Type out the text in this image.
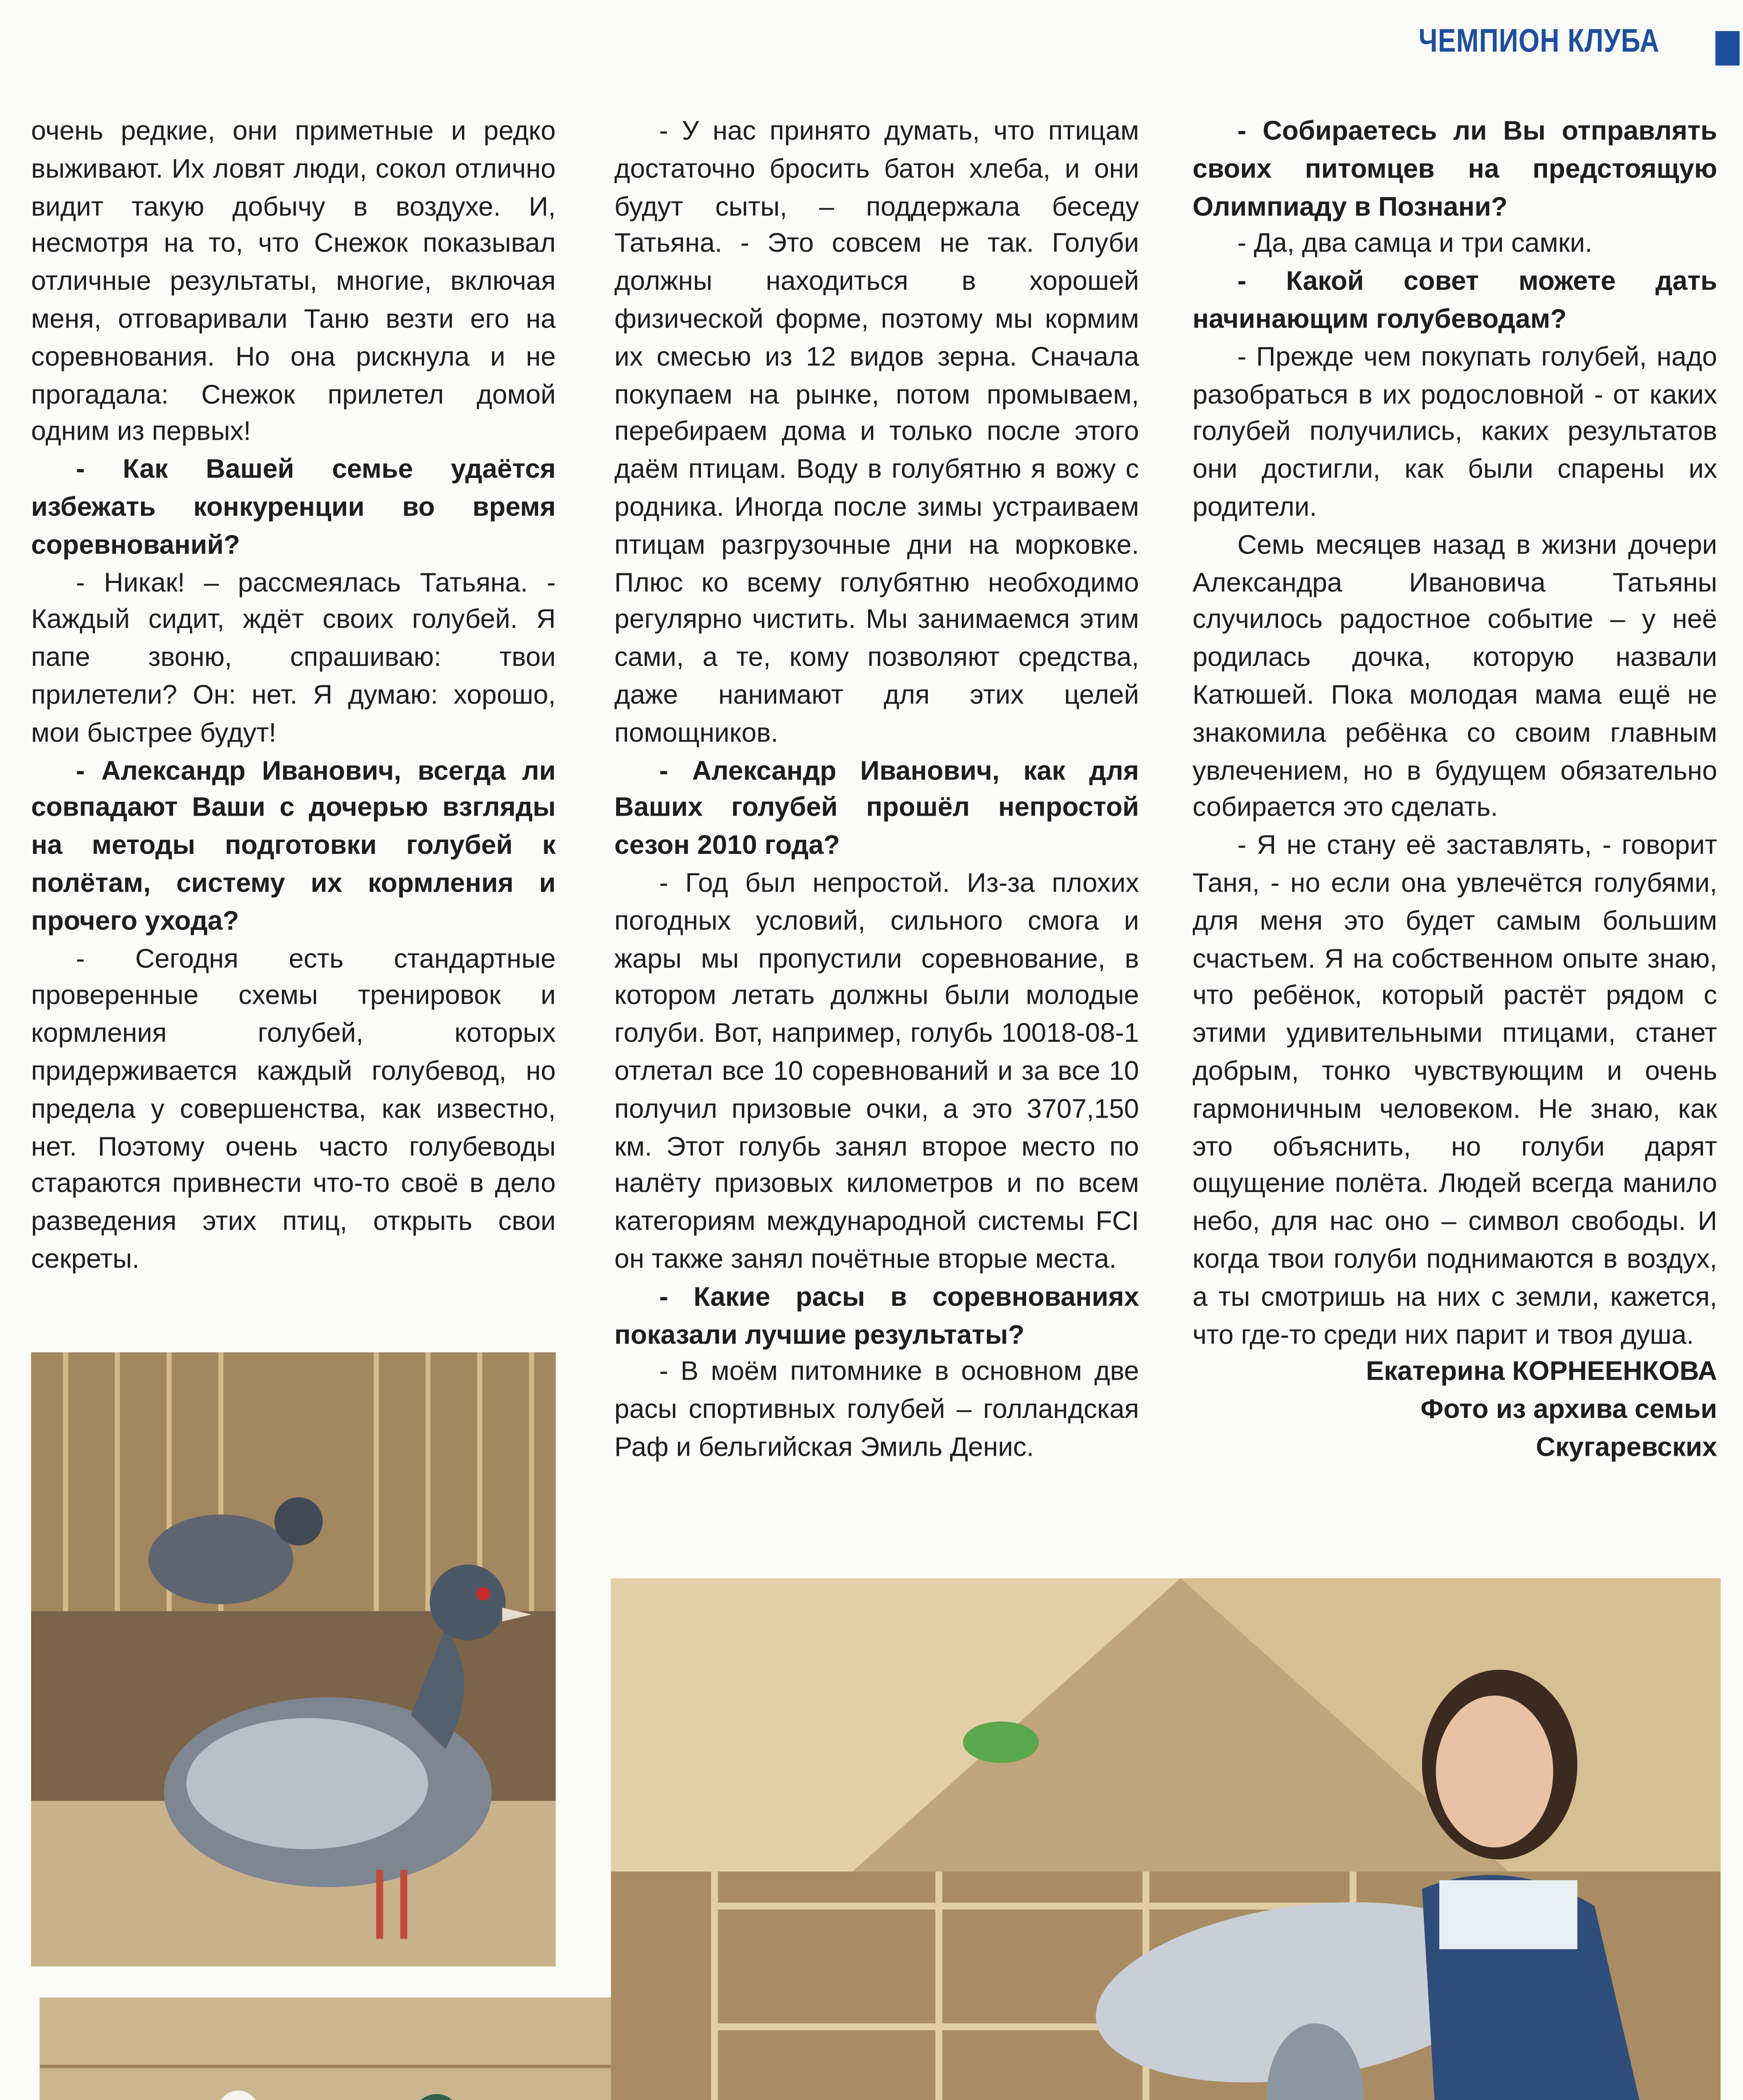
ЧЕМПИОН КЛУБА

очень редкие, они приметные и редко выживают. Их ловят люди, сокол отлично видит такую добычу в воздухе. И, несмотря на то, что Снежок показывал отличные результаты, многие, включая меня, отговаривали Таню везти его на соревнования. Но она рискнула и не прогадала: Снежок прилетел домой одним из первых!

- Как Вашей семье удаётся избежать конкуренции во время соревнований?

- Никак! – рассмеялась Татьяна. - Каждый сидит, ждёт своих голубей. Я папе звоню, спрашиваю: твои прилетели? Он: нет. Я думаю: хорошо, мои быстрее будут!

- Александр Иванович, всегда ли совпадают Ваши с дочерью взгляды на методы подготовки голубей к полётам, систему их кормления и прочего ухода?

- Сегодня есть стандартные проверенные схемы тренировок и кормления голубей, которых придерживается каждый голубевод, но предела у совершенства, как известно, нет. Поэтому очень часто голубеводы стараются привнести что-то своё в дело разведения этих птиц, открыть свои секреты.

- У нас принято думать, что птицам достаточно бросить батон хлеба, и они будут сыты, – поддержала беседу Татьяна. - Это совсем не так. Голуби должны находиться в хорошей физической форме, поэтому мы кормим их смесью из 12 видов зерна. Сначала покупаем на рынке, потом промываем, перебираем дома и только после этого даём птицам. Воду в голубятню я вожу с родника. Иногда после зимы устраиваем птицам разгрузочные дни на морковке. Плюс ко всему голубятню необходимо регулярно чистить. Мы занимаемся этим сами, а те, кому позволяют средства, даже нанимают для этих целей помощников.

- Александр Иванович, как для Ваших голубей прошёл непростой сезон 2010 года?

- Год был непростой. Из-за плохих погодных условий, сильного смога и жары мы пропустили соревнование, в котором летать должны были молодые голуби. Вот, например, голубь 10018-08-1 отлетал все 10 соревнований и за все 10 получил призовые очки, а это 3707,150 км. Этот голубь занял второе место по налёту призовых километров и по всем категориям международной системы FCI он также занял почётные вторые места.

- Какие расы в соревнованиях показали лучшие результаты?

- В моём питомнике в основном две расы спортивных голубей – голландская Раф и бельгийская Эмиль Денис.

- Собираетесь ли Вы отправлять своих питомцев на предстоящую Олимпиаду в Познани?

- Да, два самца и три самки.

- Какой совет можете дать начинающим голубеводам?

- Прежде чем покупать голубей, надо разобраться в их родословной - от каких голубей получились, каких результатов они достигли, как были спарены их родители.

Семь месяцев назад в жизни дочери Александра Ивановича Татьяны случилось радостное событие – у неё родилась дочка, которую назвали Катюшей. Пока молодая мама ещё не знакомила ребёнка со своим главным увлечением, но в будущем обязательно собирается это сделать.

- Я не стану её заставлять, - говорит Таня, - но если она увлечётся голубями, для меня это будет самым большим счастьем. Я на собственном опыте знаю, что ребёнок, который растёт рядом с этими удивительными птицами, станет добрым, тонко чувствующим и очень гармоничным человеком. Не знаю, как это объяснить, но голуби дарят ощущение полёта. Людей всегда манило небо, для нас оно – символ свободы. И когда твои голуби поднимаются в воздух, а ты смотришь на них с земли, кажется, что где-то среди них парит и твоя душа.

Екатерина КОРНЕЕНКОВА

Фото из архива семьи

Скугаревских
